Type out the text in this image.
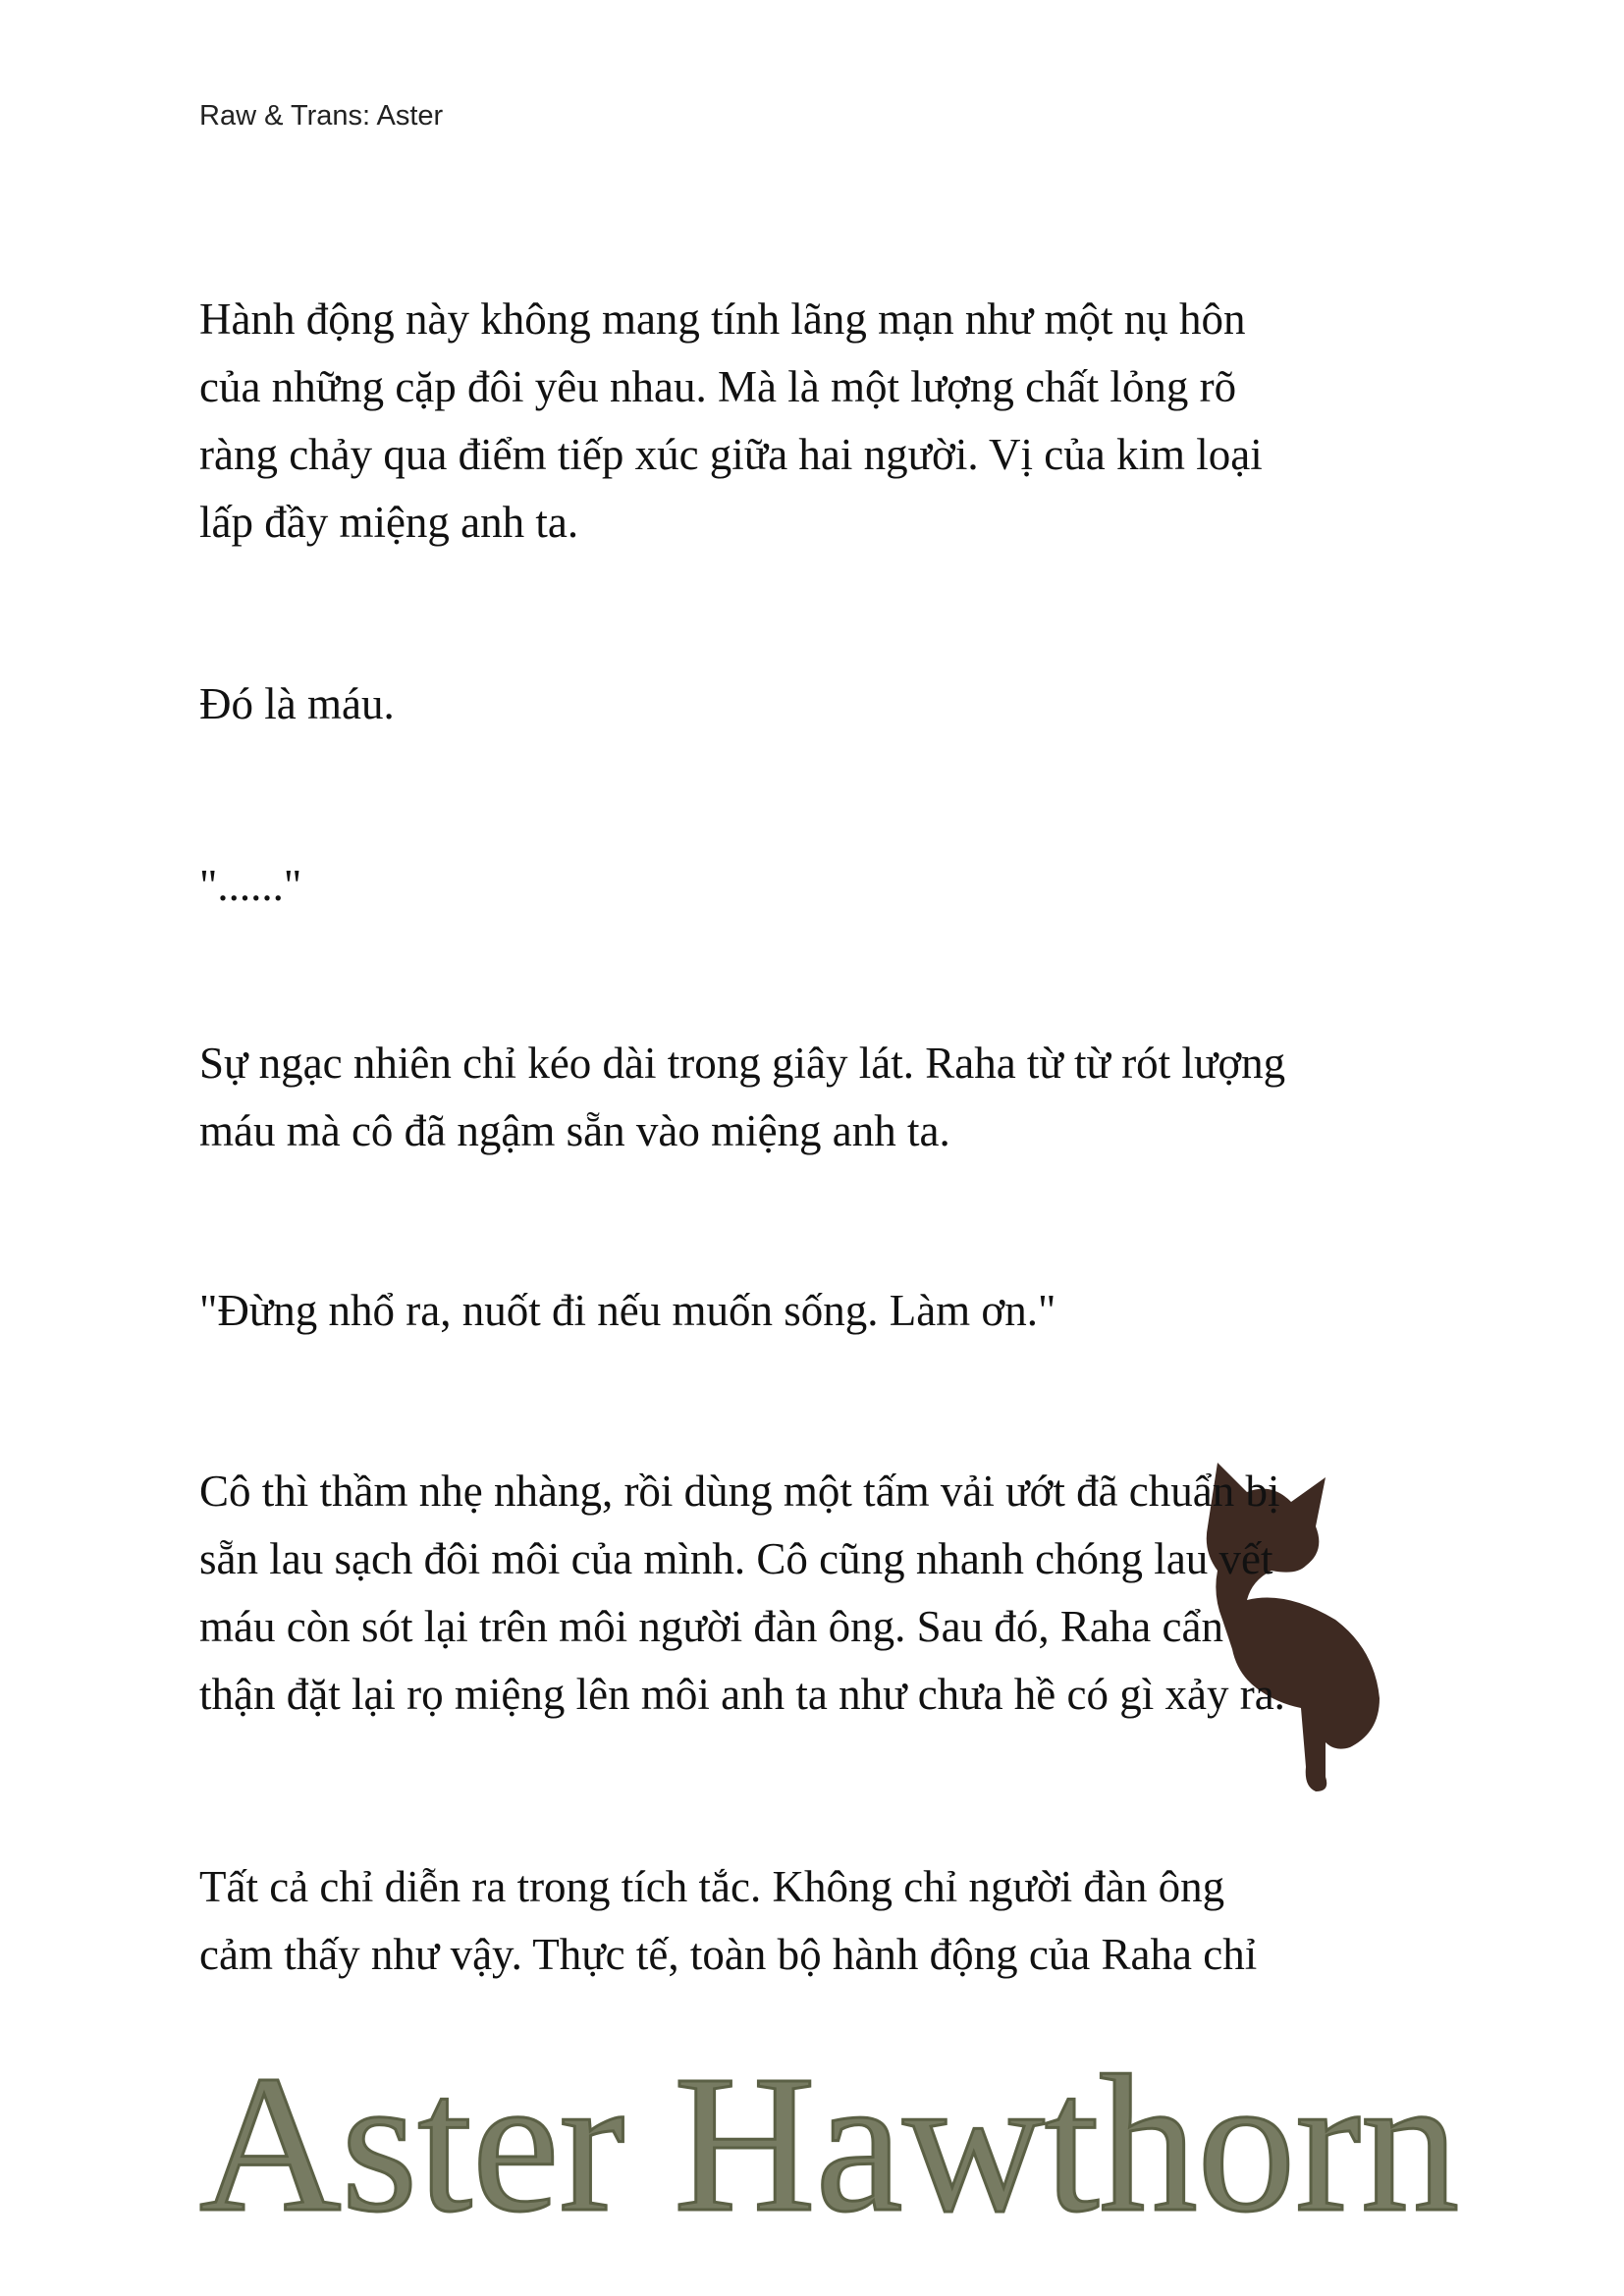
Raw & Trans: Aster
Aster Hawthorn

Hành động này không mang tính lãng mạn như một nụ hôn
của những cặp đôi yêu nhau. Mà là một lượng chất lỏng rõ
ràng chảy qua điểm tiếp xúc giữa hai người. Vị của kim loại
lấp đầy miệng anh ta.

Đó là máu.

"......"

Sự ngạc nhiên chỉ kéo dài trong giây lát. Raha từ từ rót lượng
máu mà cô đã ngậm sẵn vào miệng anh ta.

"Đừng nhổ ra, nuốt đi nếu muốn sống. Làm ơn."

Cô thì thầm nhẹ nhàng, rồi dùng một tấm vải ướt đã chuẩn bị
sẵn lau sạch đôi môi của mình. Cô cũng nhanh chóng lau vết
máu còn sót lại trên môi người đàn ông. Sau đó, Raha cẩn
thận đặt lại rọ miệng lên môi anh ta như chưa hề có gì xảy ra.

Tất cả chỉ diễn ra trong tích tắc. Không chỉ người đàn ông
cảm thấy như vậy. Thực tế, toàn bộ hành động của Raha chỉ
